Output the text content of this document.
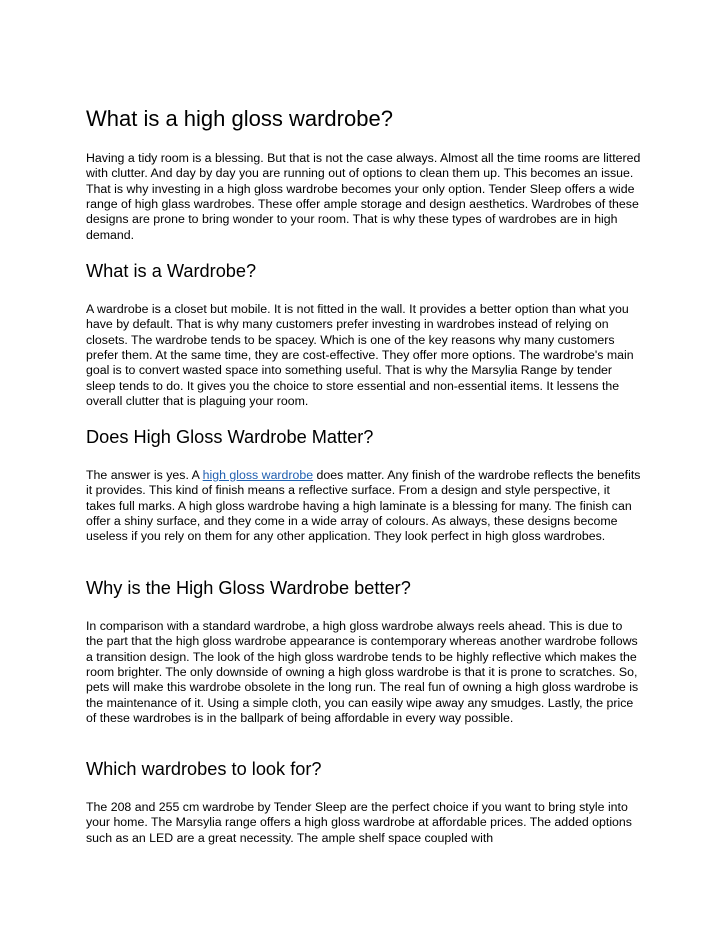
What is a high gloss wardrobe?

Having a tidy room is a blessing. But that is not the case always. Almost all the time rooms are littered with clutter. And day by day you are running out of options to clean them up. This becomes an issue. That is why investing in a high gloss wardrobe becomes your only option. Tender Sleep offers a wide range of high glass wardrobes. These offer ample storage and design aesthetics. Wardrobes of these designs are prone to bring wonder to your room. That is why these types of wardrobes are in high demand.

What is a Wardrobe?

A wardrobe is a closet but mobile. It is not fitted in the wall. It provides a better option than what you have by default. That is why many customers prefer investing in wardrobes instead of relying on closets. The wardrobe tends to be spacey. Which is one of the key reasons why many customers prefer them. At the same time, they are cost-effective. They offer more options. The wardrobe's main goal is to convert wasted space into something useful. That is why the Marsylia Range by tender sleep tends to do. It gives you the choice to store essential and non-essential items. It lessens the overall clutter that is plaguing your room.

Does High Gloss Wardrobe Matter?

The answer is yes. A high gloss wardrobe does matter. Any finish of the wardrobe reflects the benefits it provides. This kind of finish means a reflective surface. From a design and style perspective, it takes full marks. A high gloss wardrobe having a high laminate is a blessing for many. The finish can offer a shiny surface, and they come in a wide array of colours. As always, these designs become useless if you rely on them for any other application. They look perfect in high gloss wardrobes.

Why is the High Gloss Wardrobe better?

In comparison with a standard wardrobe, a high gloss wardrobe always reels ahead. This is due to the part that the high gloss wardrobe appearance is contemporary whereas another wardrobe follows a transition design. The look of the high gloss wardrobe tends to be highly reflective which makes the room brighter. The only downside of owning a high gloss wardrobe is that it is prone to scratches. So, pets will make this wardrobe obsolete in the long run. The real fun of owning a high gloss wardrobe is the maintenance of it. Using a simple cloth, you can easily wipe away any smudges. Lastly, the price of these wardrobes is in the ballpark of being affordable in every way possible.

Which wardrobes to look for?

The 208 and 255 cm wardrobe by Tender Sleep are the perfect choice if you want to bring style into your home. The Marsylia range offers a high gloss wardrobe at affordable prices. The added options such as an LED are a great necessity. The ample shelf space coupled with
